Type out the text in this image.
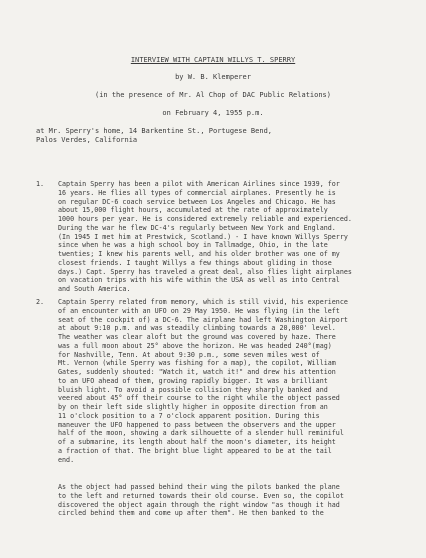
INTERVIEW WITH CAPTAIN WILLYS T. SPERRY
by W. B. Klemperer
(in the presence of Mr. Al Chop of DAC Public Relations)
on February 4, 1955 p.m.
at Mr. Sperry's home, 14 Barkentine St., Portugese Bend,
Palos Verdes, California
1. Captain Sperry has been a pilot with American Airlines since 1939, for
16 years. He flies all types of commercial airplanes. Presently he is
on regular DC-6 coach service between Los Angeles and Chicago. He has
about 15,000 flight hours, accumulated at the rate of approximately
1000 hours per year. He is considered extremely reliable and experienced.
During the war he flew DC-4's regularly between New York and England.
(In 1945 I met him at Prestwick, Scotland.) - I have known Willys Sperry
since when he was a high school boy in Tallmadge, Ohio, in the late
twenties; I knew his parents well, and his older brother was one of my
closest friends. I taught Willys a few things about gliding in those
days.) Capt. Sperry has traveled a great deal, also flies light airplanes
on vacation trips with his wife within the USA as well as into Central
and South America.
2. Captain Sperry related from memory, which is still vivid, his experience
of an encounter with an UFO on 29 May 1950. He was flying (in the left
seat of the cockpit of) a DC-6. The airplane had left Washington Airport
at about 9:10 p.m. and was steadily climbing towards a 20,000' level.
The weather was clear aloft but the ground was covered by haze. There
was a full moon about 25° above the horizon. He was headed 240°(mag)
for Nashville, Tenn. At about 9:30 p.m., some seven miles west of
Mt. Vernon (while Sperry was fishing for a map), the copilot, William
Gates, suddenly shouted: "Watch it, watch it!" and drew his attention
to an UFO ahead of them, growing rapidly bigger. It was a brilliant
bluish light. To avoid a possible collision they sharply banked and
veered about 45° off their course to the right while the object passed
by on their left side slightly higher in opposite direction from an
11 o'clock position to a 7 o'clock apparent position. During this
maneuver the UFO happened to pass between the observers and the upper
half of the moon, showing a dark silhouette of a slender hull reminiful
of a submarine, its length about half the moon's diameter, its height
a fraction of that. The bright blue light appeared to be at the tail
end.
As the object had passed behind their wing the pilots banked the plane
to the left and returned towards their old course. Even so, the copilot
discovered the object again through the right window "as though it had
circled behind them and come up after them". He then banked to the
